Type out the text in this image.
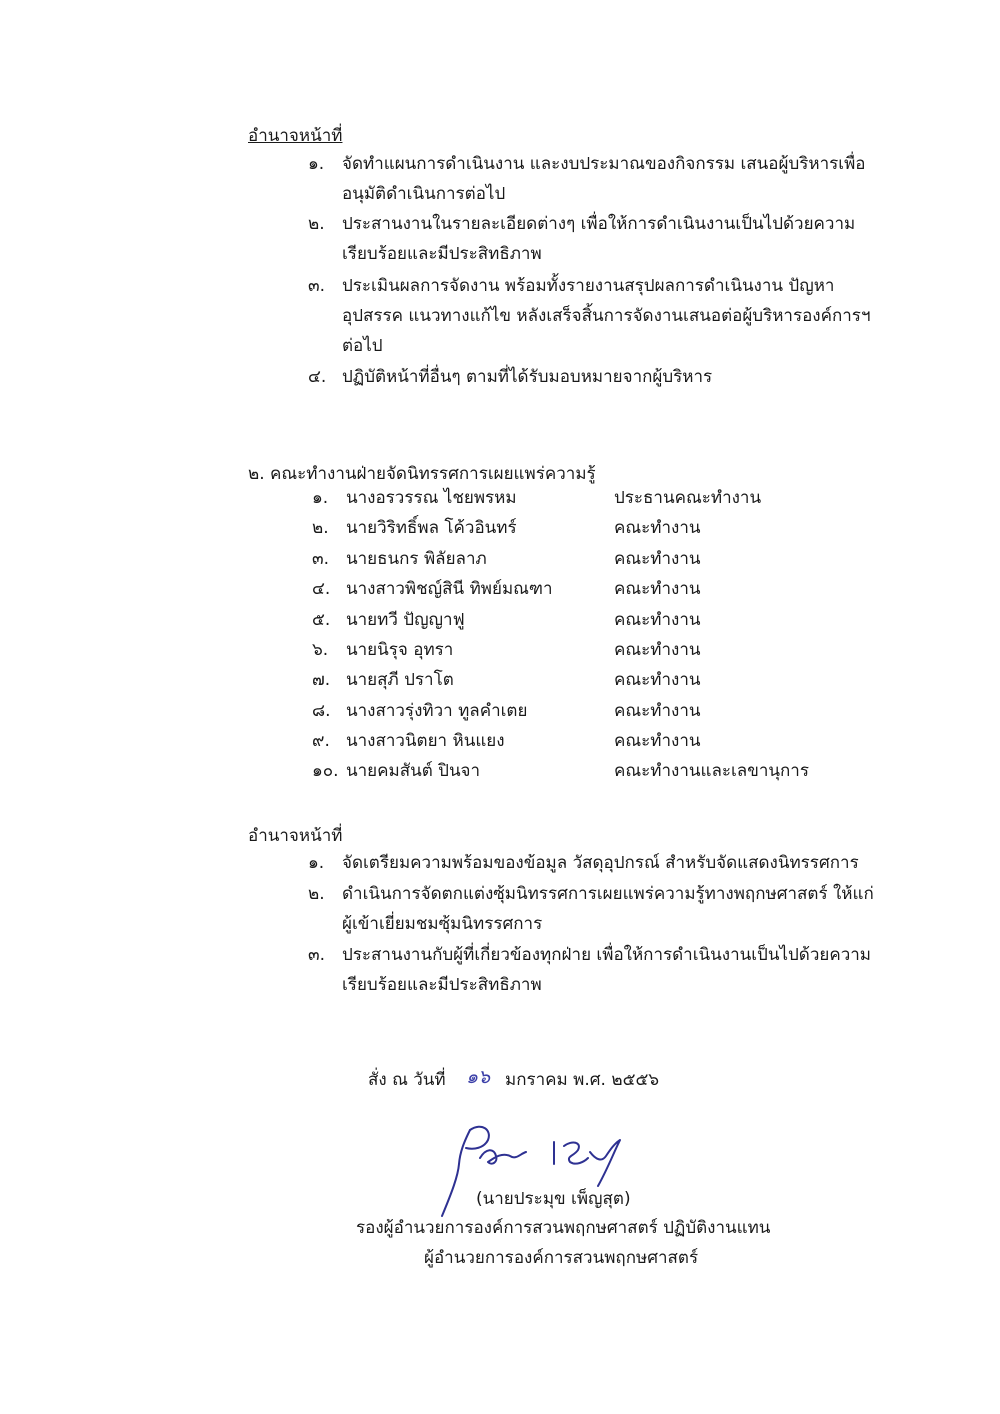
อำนาจหน้าที่
๑.	จัดทำแผนการดำเนินงาน และงบประมาณของกิจกรรม เสนอผู้บริหารเพื่อ
อนุมัติดำเนินการต่อไป
๒.	ประสานงานในรายละเอียดต่างๆ เพื่อให้การดำเนินงานเป็นไปด้วยความ
เรียบร้อยและมีประสิทธิภาพ
๓. ประเมินผลการจัดงาน พร้อมทั้งรายงานสรุปผลการดำเนินงาน ปัญหา
อุปสรรค แนวทางแก้ไข หลังเสร็จสิ้นการจัดงานเสนอต่อผู้บริหารองค์การฯ
ต่อไป
๔. ปฏิบัติหน้าที่อื่นๆ ตามที่ได้รับมอบหมายจากผู้บริหาร
๒. คณะทำงานฝ่ายจัดนิทรรศการเผยแพร่ความรู้
๑. นางอรวรรณ ไชยพรหม	ประธานคณะทำงาน
๒. นายวิริทธิ์พล โค้วอินทร์	คณะทำงาน
๓. นายธนกร พิลัยลาภ	คณะทำงาน
๔. นางสาวพิชญ์สินี ทิพย์มณฑา	คณะทำงาน
๕. นายทวี ปัญญาฟู	คณะทำงาน
๖. นายนิรุจ อุทรา	คณะทำงาน
๗. นายสุภี ปราโต	คณะทำงาน
๘. นางสาวรุ่งทิวา ทูลคำเตย	คณะทำงาน
๙. นางสาวนิตยา หินแยง	คณะทำงาน
๑๐. นายคมสันต์ ปินจา	คณะทำงานและเลขานุการ
อำนาจหน้าที่
๑.	จัดเตรียมความพร้อมของข้อมูล วัสดุอุปกรณ์ สำหรับจัดแสดงนิทรรศการ
๒.	ดำเนินการจัดตกแต่งซุ้มนิทรรศการเผยแพร่ความรู้ทางพฤกษศาสตร์ ให้แก่
ผู้เข้าเยี่ยมชมซุ้มนิทรรศการ
๓. ประสานงานกับผู้ที่เกี่ยวข้องทุกฝ่าย เพื่อให้การดำเนินงานเป็นไปด้วยความ
เรียบร้อยและมีประสิทธิภาพ
สั่ง ณ วันที่ ๑๖ มกราคม พ.ศ. ๒๕๕๖
(นายประมุข เพ็ญสุต)
รองผู้อำนวยการองค์การสวนพฤกษศาสตร์ ปฏิบัติงานแทน
ผู้อำนวยการองค์การสวนพฤกษศาสตร์
